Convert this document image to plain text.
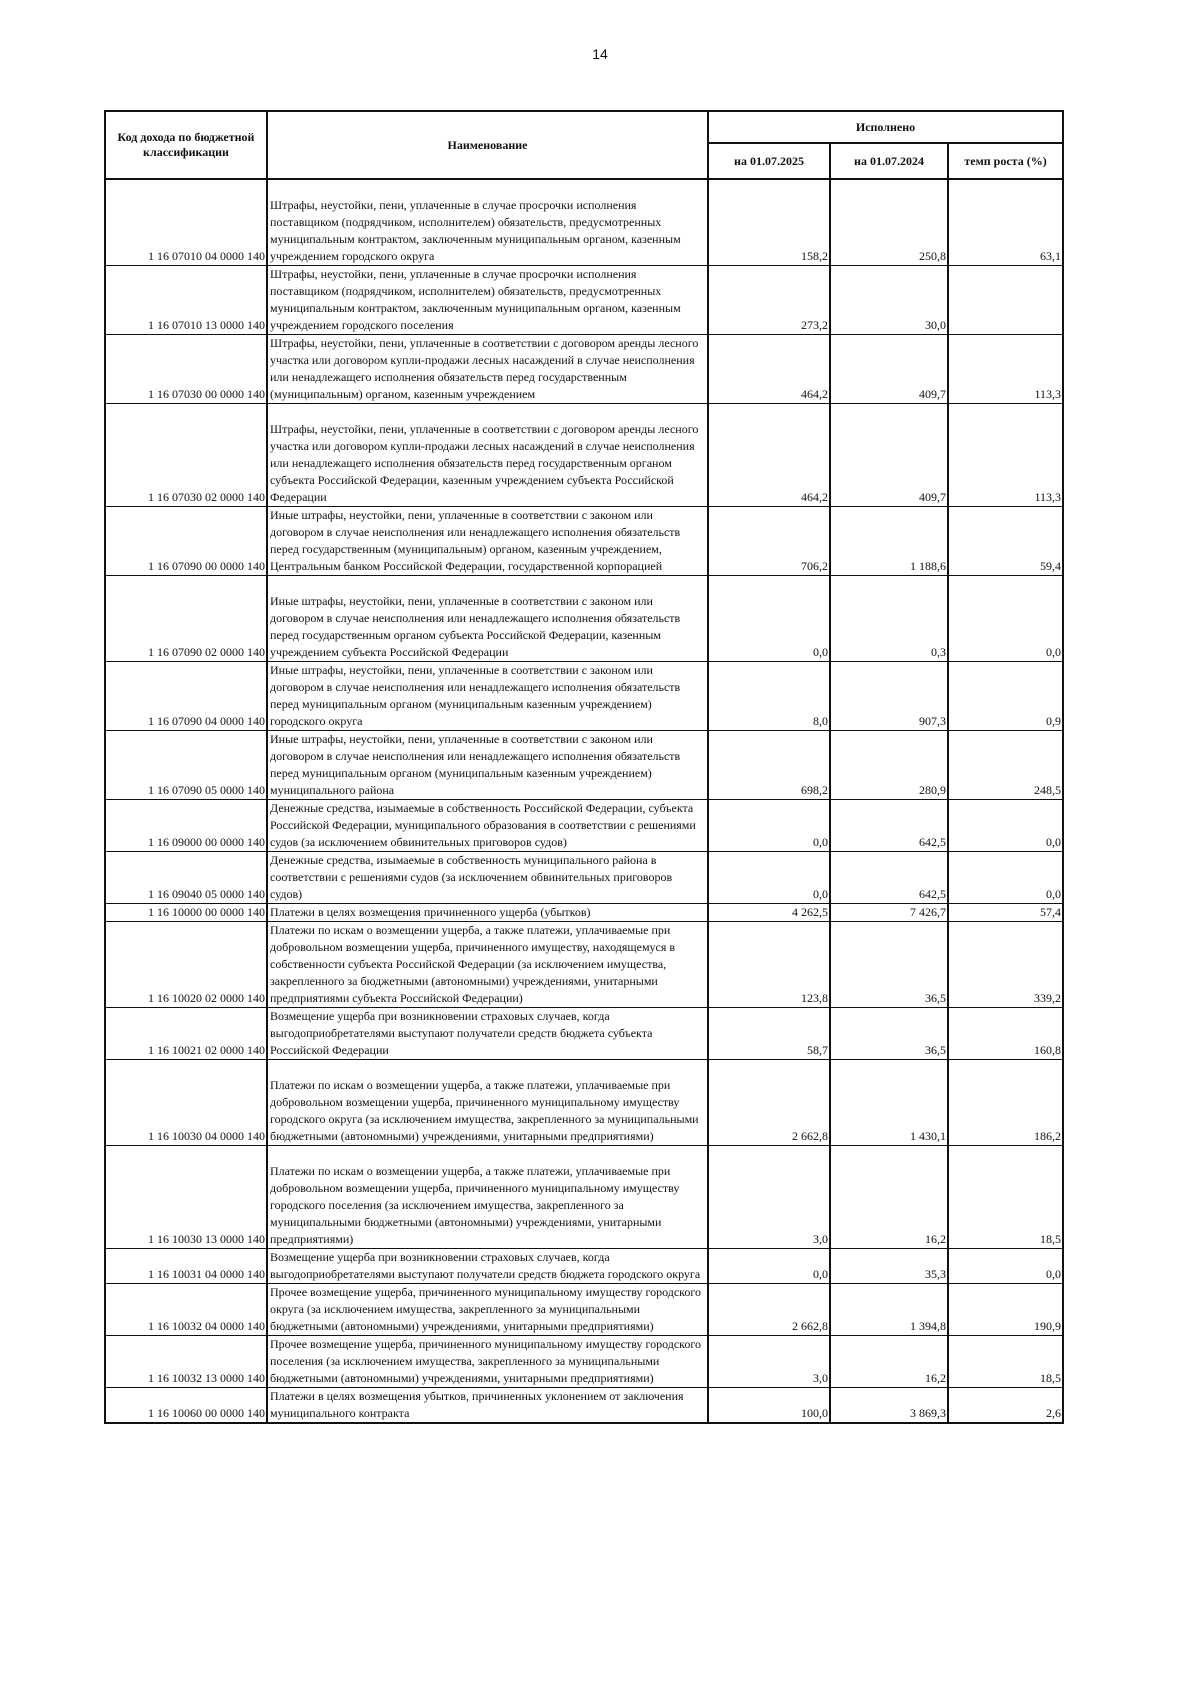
14
Код дохода по бюджетной классификации	Наименование	Исполнено		
		на 01.07.2025	на 01.07.2024	темп роста (%)
1 16 07010 04 0000 140	Штрафы, неустойки, пени, уплаченные в случае просрочки исполнения поставщиком (подрядчиком, исполнителем) обязательств, предусмотренных муниципальным контрактом, заключенным муниципальным органом, казенным учреждением городского округа	158,2	250,8	63,1
1 16 07010 13 0000 140	Штрафы, неустойки, пени, уплаченные в случае просрочки исполнения поставщиком (подрядчиком, исполнителем) обязательств, предусмотренных муниципальным контрактом, заключенным муниципальным органом, казенным учреждением городского поселения	273,2	30,0	
1 16 07030 00 0000 140	Штрафы, неустойки, пени, уплаченные в соответствии с договором аренды лесного участка или договором купли-продажи лесных насаждений в случае неисполнения или ненадлежащего исполнения обязательств перед государственным (муниципальным) органом, казенным учреждением	464,2	409,7	113,3
1 16 07030 02 0000 140	Штрафы, неустойки, пени, уплаченные в соответствии с договором аренды лесного участка или договором купли-продажи лесных насаждений в случае неисполнения или ненадлежащего исполнения обязательств перед государственным органом субъекта Российской Федерации, казенным учреждением субъекта Российской Федерации	464,2	409,7	113,3
1 16 07090 00 0000 140	Иные штрафы, неустойки, пени, уплаченные в соответствии с законом или договором в случае неисполнения или ненадлежащего исполнения обязательств перед государственным (муниципальным) органом, казенным учреждением, Центральным банком Российской Федерации, государственной корпорацией	706,2	1 188,6	59,4
1 16 07090 02 0000 140	Иные штрафы, неустойки, пени, уплаченные в соответствии с законом или договором в случае неисполнения или ненадлежащего исполнения обязательств перед государственным органом субъекта Российской Федерации, казенным учреждением субъекта Российской Федерации	0,0	0,3	0,0
1 16 07090 04 0000 140	Иные штрафы, неустойки, пени, уплаченные в соответствии с законом или договором в случае неисполнения или ненадлежащего исполнения обязательств перед муниципальным органом (муниципальным казенным учреждением) городского округа	8,0	907,3	0,9
1 16 07090 05 0000 140	Иные штрафы, неустойки, пени, уплаченные в соответствии с законом или договором в случае неисполнения или ненадлежащего исполнения обязательств перед муниципальным органом (муниципальным казенным учреждением) муниципального района	698,2	280,9	248,5
1 16 09000 00 0000 140	Денежные средства, изымаемые в собственность Российской Федерации, субъекта Российской Федерации, муниципального образования в соответствии с решениями судов (за исключением обвинительных приговоров судов)	0,0	642,5	0,0
1 16 09040 05 0000 140	Денежные средства, изымаемые в собственность муниципального района в соответствии с решениями судов (за исключением обвинительных приговоров судов)	0,0	642,5	0,0
1 16 10000 00 0000 140	Платежи в целях возмещения причиненного ущерба (убытков)	4 262,5	7 426,7	57,4
1 16 10020 02 0000 140	Платежи по искам о возмещении ущерба, а также платежи, уплачиваемые при добровольном возмещении ущерба, причиненного имуществу, находящемуся в собственности субъекта Российской Федерации (за исключением имущества, закрепленного за бюджетными (автономными) учреждениями, унитарными предприятиями субъекта Российской Федерации)	123,8	36,5	339,2
1 16 10021 02 0000 140	Возмещение ущерба при возникновении страховых случаев, когда выгодоприобретателями выступают получатели средств бюджета субъекта Российской Федерации	58,7	36,5	160,8
1 16 10030 04 0000 140	Платежи по искам о возмещении ущерба, а также платежи, уплачиваемые при добровольном возмещении ущерба, причиненного муниципальному имуществу городского округа (за исключением имущества, закрепленного за муниципальными бюджетными (автономными) учреждениями, унитарными предприятиями)	2 662,8	1 430,1	186,2
1 16 10030 13 0000 140	Платежи по искам о возмещении ущерба, а также платежи, уплачиваемые при добровольном возмещении ущерба, причиненного муниципальному имуществу городского поселения (за исключением имущества, закрепленного за муниципальными бюджетными (автономными) учреждениями, унитарными предприятиями)	3,0	16,2	18,5
1 16 10031 04 0000 140	Возмещение ущерба при возникновении страховых случаев, когда выгодоприобретателями выступают получатели средств бюджета городского округа	0,0	35,3	0,0
1 16 10032 04 0000 140	Прочее возмещение ущерба, причиненного муниципальному имуществу городского округа (за исключением имущества, закрепленного за муниципальными бюджетными (автономными) учреждениями, унитарными предприятиями)	2 662,8	1 394,8	190,9
1 16 10032 13 0000 140	Прочее возмещение ущерба, причиненного муниципальному имуществу городского поселения (за исключением имущества, закрепленного за муниципальными бюджетными (автономными) учреждениями, унитарными предприятиями)	3,0	16,2	18,5
1 16 10060 00 0000 140	Платежи в целях возмещения убытков, причиненных уклонением от заключения муниципального контракта	100,0	3 869,3	2,6
